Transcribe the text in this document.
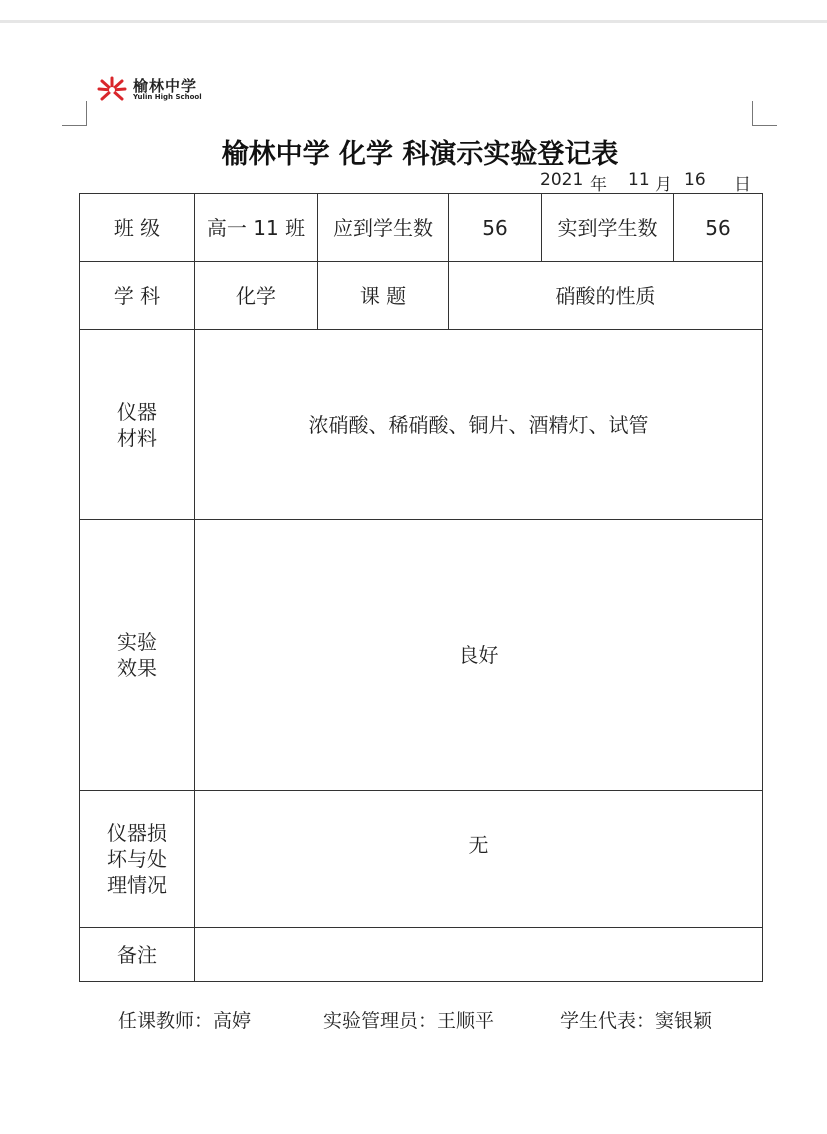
榆林中学
Yulin High School
榆林中学 化学 科演示实验登记表
2021 年 11 月 16 日
班 级	高一 11 班	应到学生数	56	实到学生数	56
学 科	化学	课 题	硝酸的性质		

仪器
材料	浓硝酸、稀硝酸、铜片、酒精灯、试管				

实验
效果	良好				

仪器损
坏与处
理情况	无				
备注					
任课教师：高婷	实验管理员：王顺平	学生代表：窦银颖
